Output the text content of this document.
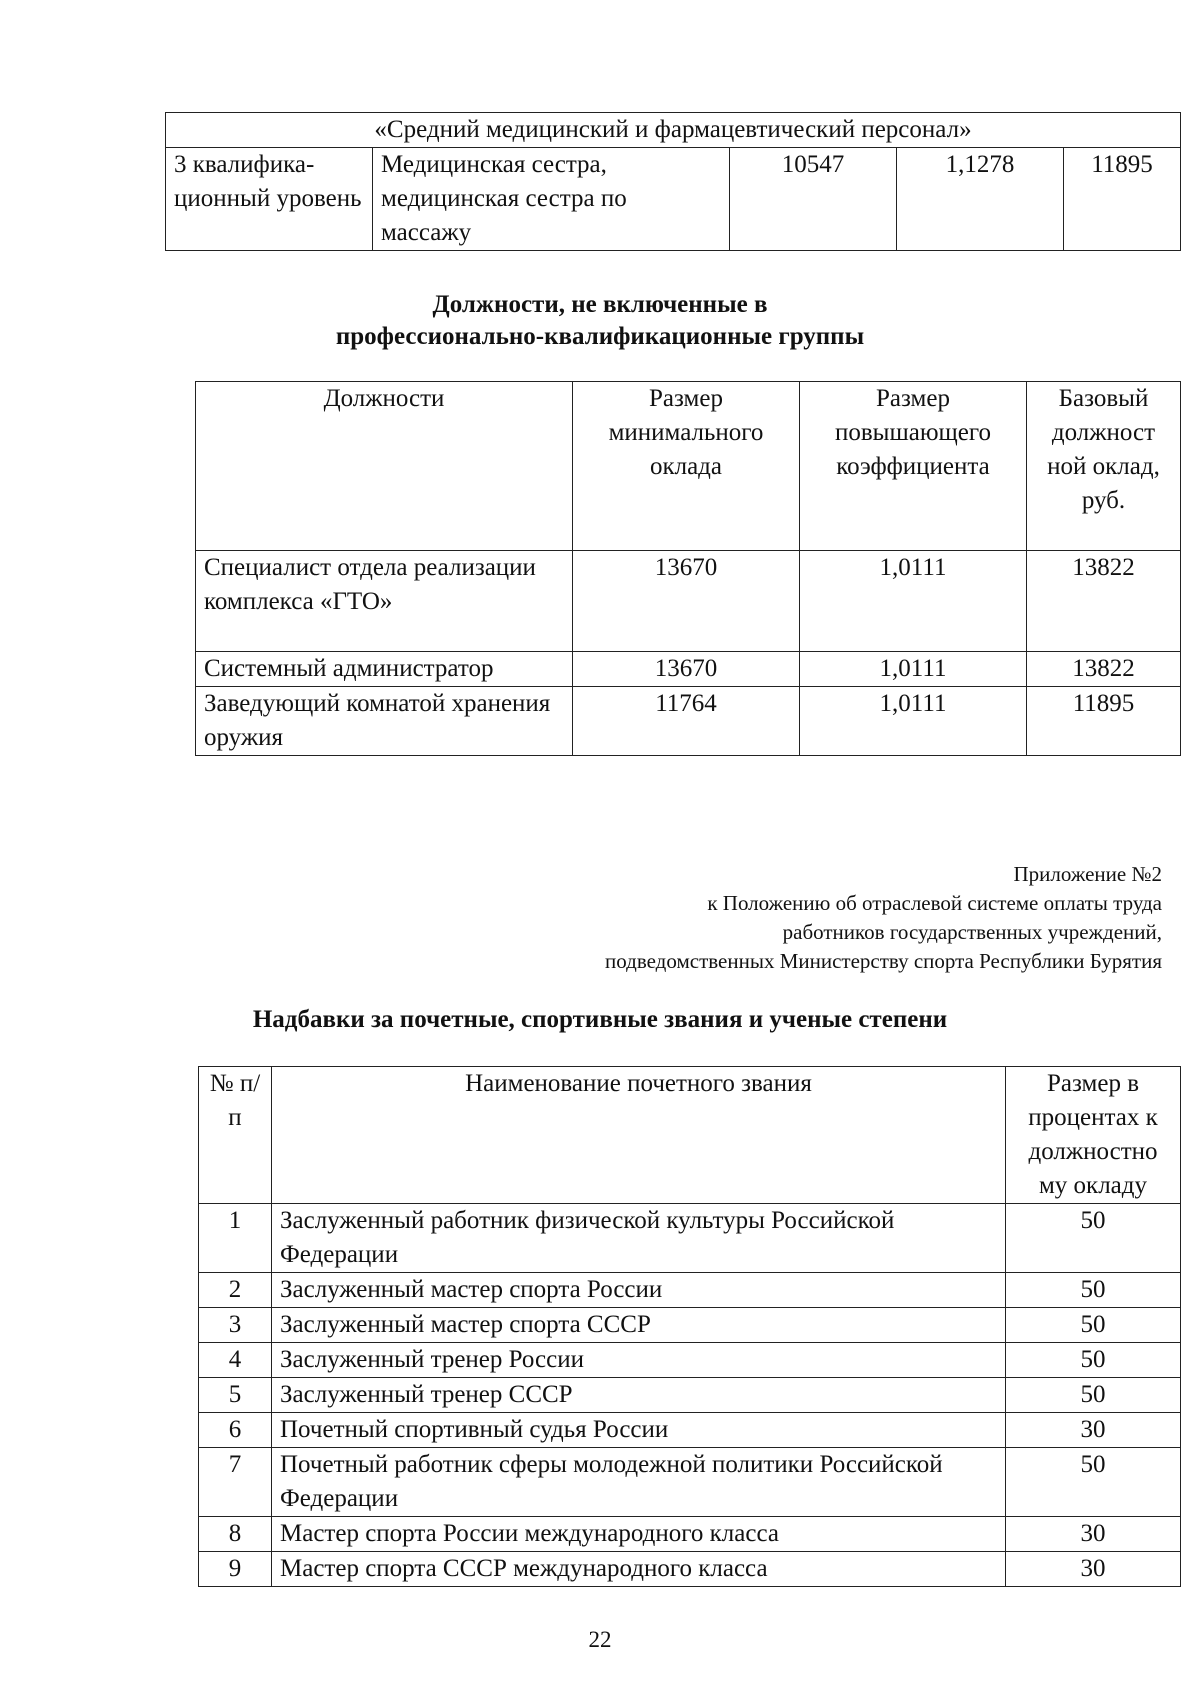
«Средний медицинский и фармацевтический персонал»
3 квалифика-ционный уровень	Медицинская сестра, медицинская сестра по массажу	10547	1,1278	11895
Должности, не включенные в
профессионально-квалификационные группы
Должности	Размер минимального оклада	Размер повышающего коэффициента	Базовый должност ной оклад, руб.
Специалист отдела реализации комплекса «ГТО»	13670	1,0111	13822
Системный администратор	13670	1,0111	13822
Заведующий комнатой хранения оружия	11764	1,0111	11895
Приложение №2
к Положению об отраслевой системе оплаты труда
работников государственных учреждений,
подведомственных Министерству спорта Республики Бурятия
Надбавки за почетные, спортивные звания и ученые степени
№ п/п	Наименование почетного звания	Размер в процентах к должностно му окладу
1	Заслуженный работник физической культуры Российской Федерации	50
2	Заслуженный мастер спорта России	50
3	Заслуженный мастер спорта СССР	50
4	Заслуженный тренер России	50
5	Заслуженный тренер СССР	50
6	Почетный спортивный судья России	30
7	Почетный работник сферы молодежной политики Российской Федерации	50
8	Мастер спорта России международного класса	30
9	Мастер спорта СССР международного класса	30
22
